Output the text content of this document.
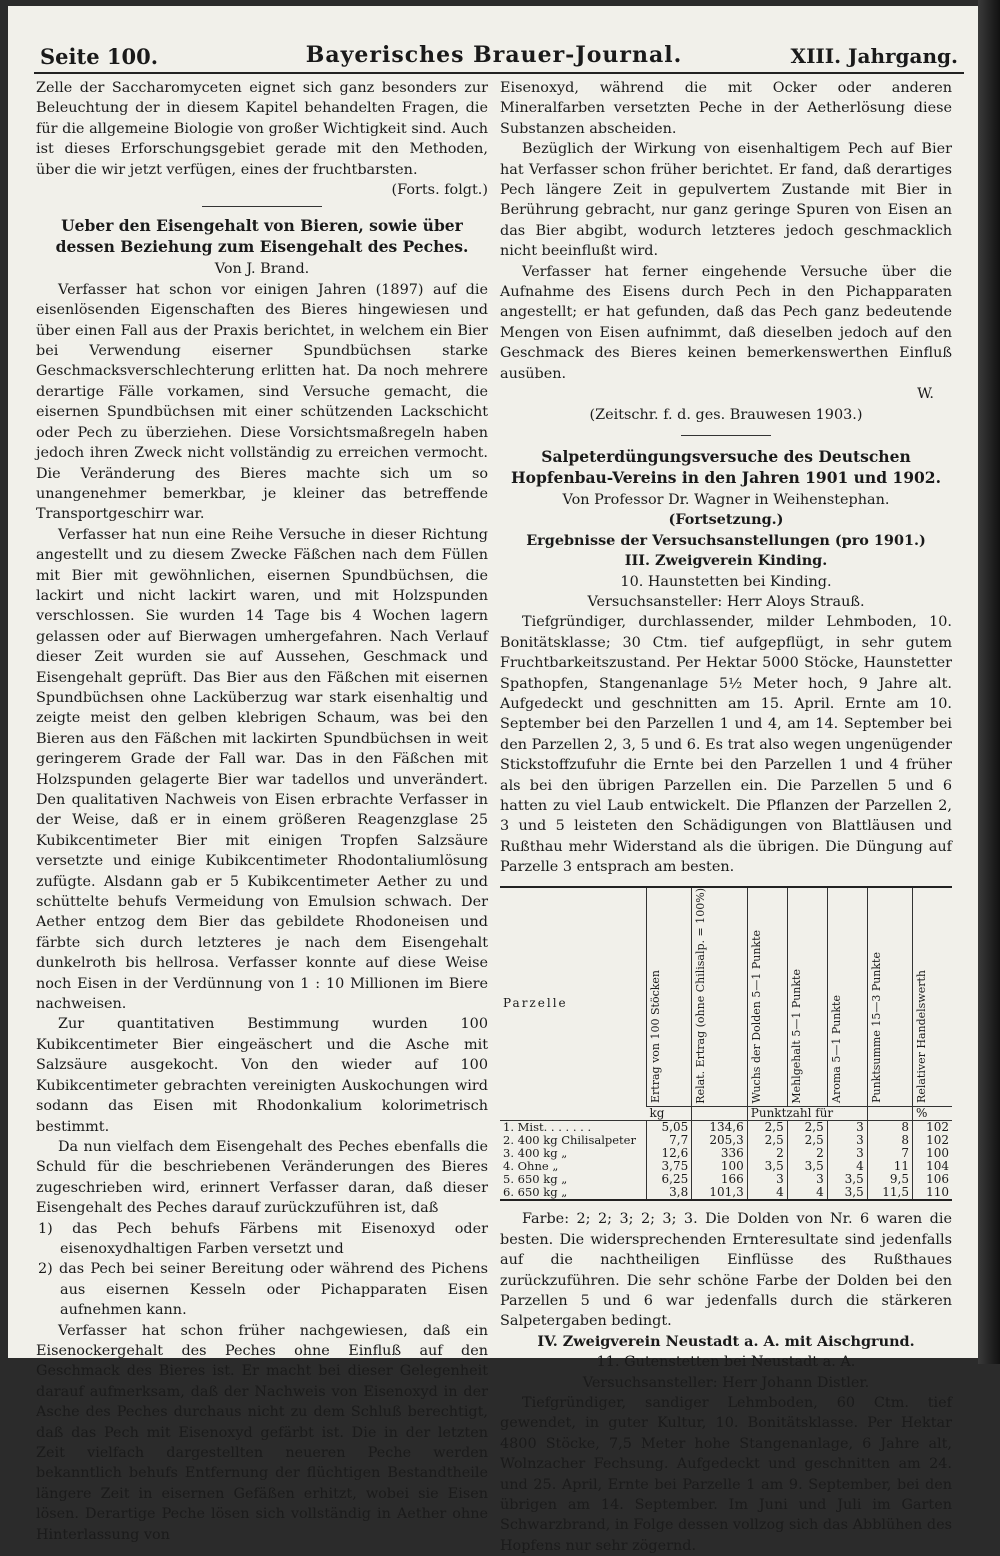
Seite 100.	Bayerisches Brauer-Journal.	XIII. Jahrgang.

Zelle der Saccharomyceten eignet sich ganz besonders zur Beleuchtung der in diesem Kapitel behandelten Fragen, die für die allgemeine Biologie von großer Wichtigkeit sind. Auch ist dieses Erforschungsgebiet gerade mit den Methoden, über die wir jetzt verfügen, eines der fruchtbarsten.

(Forts. folgt.)
Ueber den Eisengehalt von Bieren, sowie über dessen Beziehung zum Eisengehalt des Peches.
Von J. Brand.

Verfasser hat schon vor einigen Jahren (1897) auf die eisenlösenden Eigenschaften des Bieres hingewiesen und über einen Fall aus der Praxis berichtet, in welchem ein Bier bei Verwendung eiserner Spundbüchsen starke Geschmacksverschlechterung erlitten hat. Da noch mehrere derartige Fälle vorkamen, sind Versuche gemacht, die eisernen Spundbüchsen mit einer schützenden Lackschicht oder Pech zu überziehen. Diese Vorsichtsmaßregeln haben jedoch ihren Zweck nicht vollständig zu erreichen vermocht. Die Veränderung des Bieres machte sich um so unangenehmer bemerkbar, je kleiner das betreffende Transportgeschirr war.

Verfasser hat nun eine Reihe Versuche in dieser Richtung angestellt und zu diesem Zwecke Fäßchen nach dem Füllen mit Bier mit gewöhnlichen, eisernen Spundbüchsen, die lackirt und nicht lackirt waren, und mit Holzspunden verschlossen. Sie wurden 14 Tage bis 4 Wochen lagern gelassen oder auf Bierwagen umhergefahren. Nach Verlauf dieser Zeit wurden sie auf Aussehen, Geschmack und Eisengehalt geprüft. Das Bier aus den Fäßchen mit eisernen Spundbüchsen ohne Lacküberzug war stark eisenhaltig und zeigte meist den gelben klebrigen Schaum, was bei den Bieren aus den Fäßchen mit lackirten Spundbüchsen in weit geringerem Grade der Fall war. Das in den Fäßchen mit Holzspunden gelagerte Bier war tadellos und unverändert. Den qualitativen Nachweis von Eisen erbrachte Verfasser in der Weise, daß er in einem größeren Reagenzglase 25 Kubikcentimeter Bier mit einigen Tropfen Salzsäure versetzte und einige Kubikcentimeter Rhodontaliumlösung zufügte. Alsdann gab er 5 Kubikcentimeter Aether zu und schüttelte behufs Vermeidung von Emulsion schwach. Der Aether entzog dem Bier das gebildete Rhodoneisen und färbte sich durch letzteres je nach dem Eisengehalt dunkelroth bis hellrosa. Verfasser konnte auf diese Weise noch Eisen in der Verdünnung von 1 : 10 Millionen im Biere nachweisen.

Zur quantitativen Bestimmung wurden 100 Kubikcentimeter Bier eingeäschert und die Asche mit Salzsäure ausgekocht. Von den wieder auf 100 Kubikcentimeter gebrachten vereinigten Auskochungen wird sodann das Eisen mit Rhodonkalium kolorimetrisch bestimmt.

Da nun vielfach dem Eisengehalt des Peches ebenfalls die Schuld für die beschriebenen Veränderungen des Bieres zugeschrieben wird, erinnert Verfasser daran, daß dieser Eisengehalt des Peches darauf zurückzuführen ist, daß

1) das Pech behufs Färbens mit Eisenoxyd oder eisenoxydhaltigen Farben versetzt und

2) das Pech bei seiner Bereitung oder während des Pichens aus eisernen Kesseln oder Pichapparaten Eisen aufnehmen kann.

Verfasser hat schon früher nachgewiesen, daß ein Eisenockergehalt des Peches ohne Einfluß auf den Geschmack des Bieres ist. Er macht bei dieser Gelegenheit darauf aufmerksam, daß der Nachweis von Eisenoxyd in der Asche des Peches durchaus nicht zu dem Schluß berechtigt, daß das Pech mit Eisenoxyd gefärbt ist. Die in der letzten Zeit vielfach dargestellten neueren Peche werden bekanntlich behufs Entfernung der flüchtigen Bestandtheile längere Zeit in eisernen Gefäßen erhitzt, wobei sie Eisen lösen. Derartige Peche lösen sich vollständig in Aether ohne Hinterlassung von

Eisenoxyd, während die mit Ocker oder anderen Mineralfarben versetzten Peche in der Aetherlösung diese Substanzen abscheiden.

Bezüglich der Wirkung von eisenhaltigem Pech auf Bier hat Verfasser schon früher berichtet. Er fand, daß derartiges Pech längere Zeit in gepulvertem Zustande mit Bier in Berührung gebracht, nur ganz geringe Spuren von Eisen an das Bier abgibt, wodurch letzteres jedoch geschmacklich nicht beeinflußt wird.

Verfasser hat ferner eingehende Versuche über die Aufnahme des Eisens durch Pech in den Pichapparaten angestellt; er hat gefunden, daß das Pech ganz bedeutende Mengen von Eisen aufnimmt, daß dieselben jedoch auf den Geschmack des Bieres keinen bemerkenswerthen Einfluß ausüben.

W.
(Zeitschr. f. d. ges. Brauwesen 1903.)
Salpeterdüngungsversuche des Deutschen Hopfenbau-Vereins in den Jahren 1901 und 1902.
Von Professor Dr. Wagner in Weihenstephan.
(Fortsetzung.)
Ergebnisse der Versuchsanstellungen (pro 1901.)
III. Zweigverein Kinding.
10. Haunstetten bei Kinding.
Versuchsansteller: Herr Aloys Strauß.

Tiefgründiger, durchlassender, milder Lehmboden, 10. Bonitätsklasse; 30 Ctm. tief aufgepflügt, in sehr gutem Fruchtbarkeitszustand. Per Hektar 5000 Stöcke, Haunstetter Spathopfen, Stangenanlage 5½ Meter hoch, 9 Jahre alt. Aufgedeckt und geschnitten am 15. April. Ernte am 10. September bei den Parzellen 1 und 4, am 14. September bei den Parzellen 2, 3, 5 und 6. Es trat also wegen ungenügender Stickstoffzufuhr die Ernte bei den Parzellen 1 und 4 früher als bei den übrigen Parzellen ein. Die Parzellen 5 und 6 hatten zu viel Laub entwickelt. Die Pflanzen der Parzellen 2, 3 und 5 leisteten den Schädigungen von Blattläusen und Rußthau mehr Widerstand als die übrigen. Die Düngung auf Parzelle 3 entsprach am besten.

Parzelle	Ertrag von 100 Stöcken	Relat. Ertrag (ohne Chilisalp. = 100%)	Wuchs der Dolden 5—1 Punkte	Mehlgehalt 5—1 Punkte	Aroma 5—1 Punkte	Punktsumme 15—3 Punkte	Relativer Handelswerth
	kg		Punktzahl für				%
1. Mist. . . . . . .	5,05	134,6	2,5	2,5	3	8	102
2. 400 kg Chilisalpeter	7,7	205,3	2,5	2,5	3	8	102
3. 400 kg „	12,6	336	2	2	3	7	100
4. Ohne „	3,75	100	3,5	3,5	4	11	104
5. 650 kg „	6,25	166	3	3	3,5	9,5	106
6. 650 kg „	3,8	101,3	4	4	3,5	11,5	110

Farbe: 2; 2; 3; 2; 3; 3. Die Dolden von Nr. 6 waren die besten. Die widersprechenden Ernteresultate sind jedenfalls auf die nachtheiligen Einflüsse des Rußthaues zurückzuführen. Die sehr schöne Farbe der Dolden bei den Parzellen 5 und 6 war jedenfalls durch die stärkeren Salpetergaben bedingt.

IV. Zweigverein Neustadt a. A. mit Aischgrund.
11. Gutenstetten bei Neustadt a. A.
Versuchsansteller: Herr Johann Distler.

Tiefgründiger, sandiger Lehmboden, 60 Ctm. tief gewendet, in guter Kultur, 10. Bonitätsklasse. Per Hektar 4800 Stöcke, 7,5 Meter hohe Stangenanlage, 6 Jahre alt, Wolnzacher Fechsung. Aufgedeckt und geschnitten am 24. und 25. April, Ernte bei Parzelle 1 am 9. September, bei den übrigen am 14. September. Im Juni und Juli im Garten Schwarzbrand, in Folge dessen vollzog sich das Abblühen des Hopfens nur sehr zögernd.
